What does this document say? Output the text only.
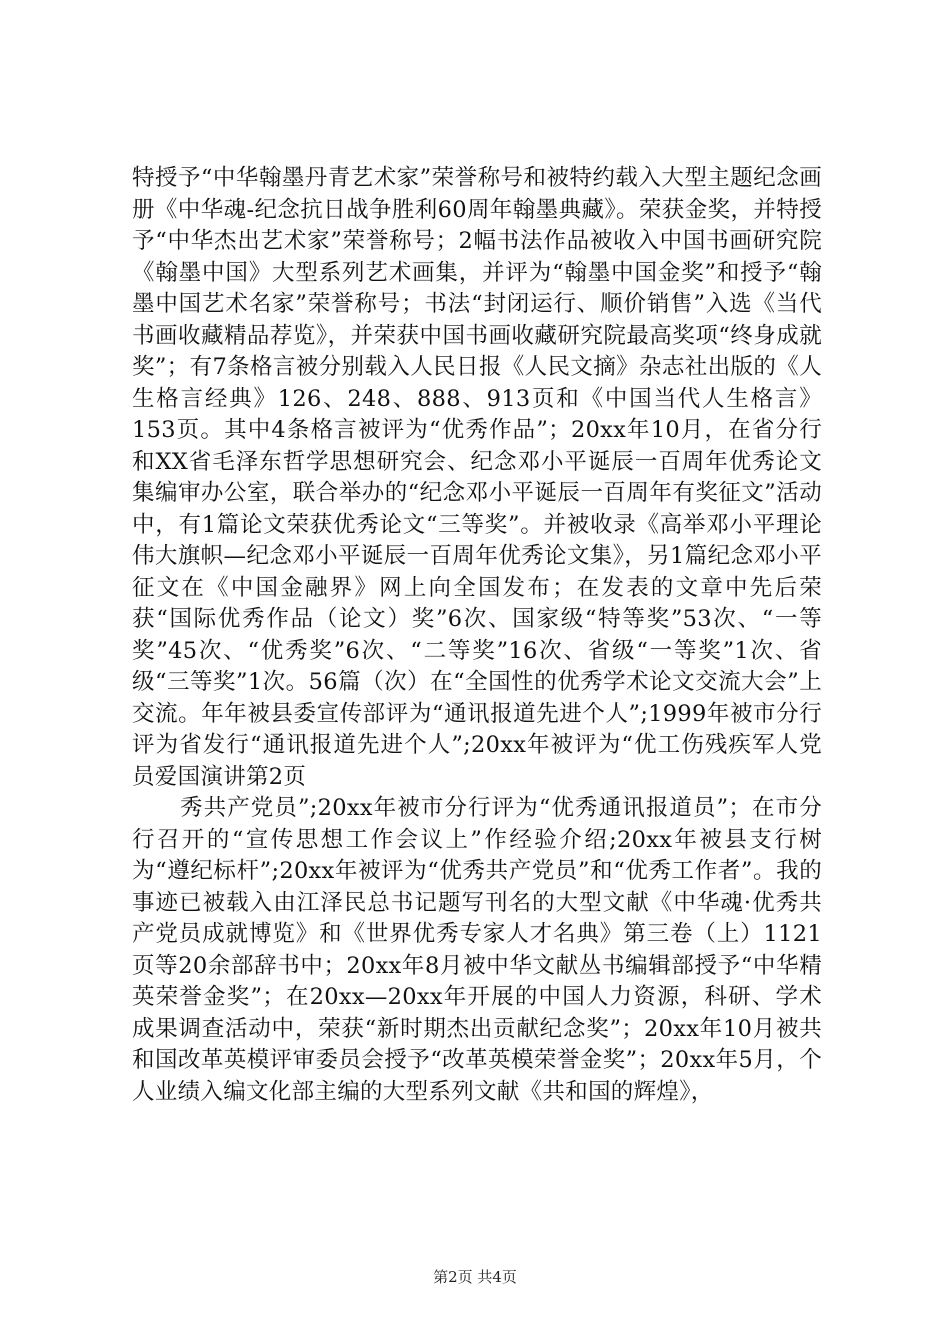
特授予“中华翰墨丹青艺术家”荣誉称号和被特约载入大型主题纪念画册《中华魂-纪念抗日战争胜利60周年翰墨典藏》。荣获金奖，并特授予“中华杰出艺术家”荣誉称号；2幅书法作品被收入中国书画研究院《翰墨中国》大型系列艺术画集，并评为“翰墨中国金奖”和授予“翰墨中国艺术名家”荣誉称号；书法“封闭运行、顺价销售”入选《当代书画收藏精品荐览》，并荣获中国书画收藏研究院最高奖项“终身成就奖”；有7条格言被分别载入人民日报《人民文摘》杂志社出版的《人生格言经典》126、248、888、913页和《中国当代人生格言》153页。其中4条格言被评为“优秀作品”；20xx年10月，在省分行和XX省毛泽东哲学思想研究会、纪念邓小平诞辰一百周年优秀论文集编审办公室，联合举办的“纪念邓小平诞辰一百周年有奖征文”活动中，有1篇论文荣获优秀论文“三等奖”。并被收录《高举邓小平理论伟大旗帜—纪念邓小平诞辰一百周年优秀论文集》，另1篇纪念邓小平征文在《中国金融界》网上向全国发布；在发表的文章中先后荣获“国际优秀作品（论文）奖”6次、国家级“特等奖”53次、“一等奖”45次、“优秀奖”6次、“二等奖”16次、省级“一等奖”1次、省级“三等奖”1次。56篇（次）在“全国性的优秀学术论文交流大会”上交流。年年被县委宣传部评为“通讯报道先进个人”;1999年被市分行评为省发行“通讯报道先进个人”;20xx年被评为“优工伤残疾军人党员爱国演讲第2页

秀共产党员”;20xx年被市分行评为“优秀通讯报道员”；在市分行召开的“宣传思想工作会议上”作经验介绍;20xx年被县支行树为“遵纪标杆”;20xx年被评为“优秀共产党员”和“优秀工作者”。我的事迹已被载入由江泽民总书记题写刊名的大型文献《中华魂·优秀共产党员成就博览》和《世界优秀专家人才名典》第三卷（上）1121页等20余部辞书中；20xx年8月被中华文献丛书编辑部授予“中华精英荣誉金奖”；在20xx—20xx年开展的中国人力资源，科研、学术成果调查活动中，荣获“新时期杰出贡献纪念奖”；20xx年10月被共和国改革英模评审委员会授予“改革英模荣誉金奖”；20xx年5月，个人业绩入编文化部主编的大型系列文献《共和国的辉煌》，

第2页 共4页
